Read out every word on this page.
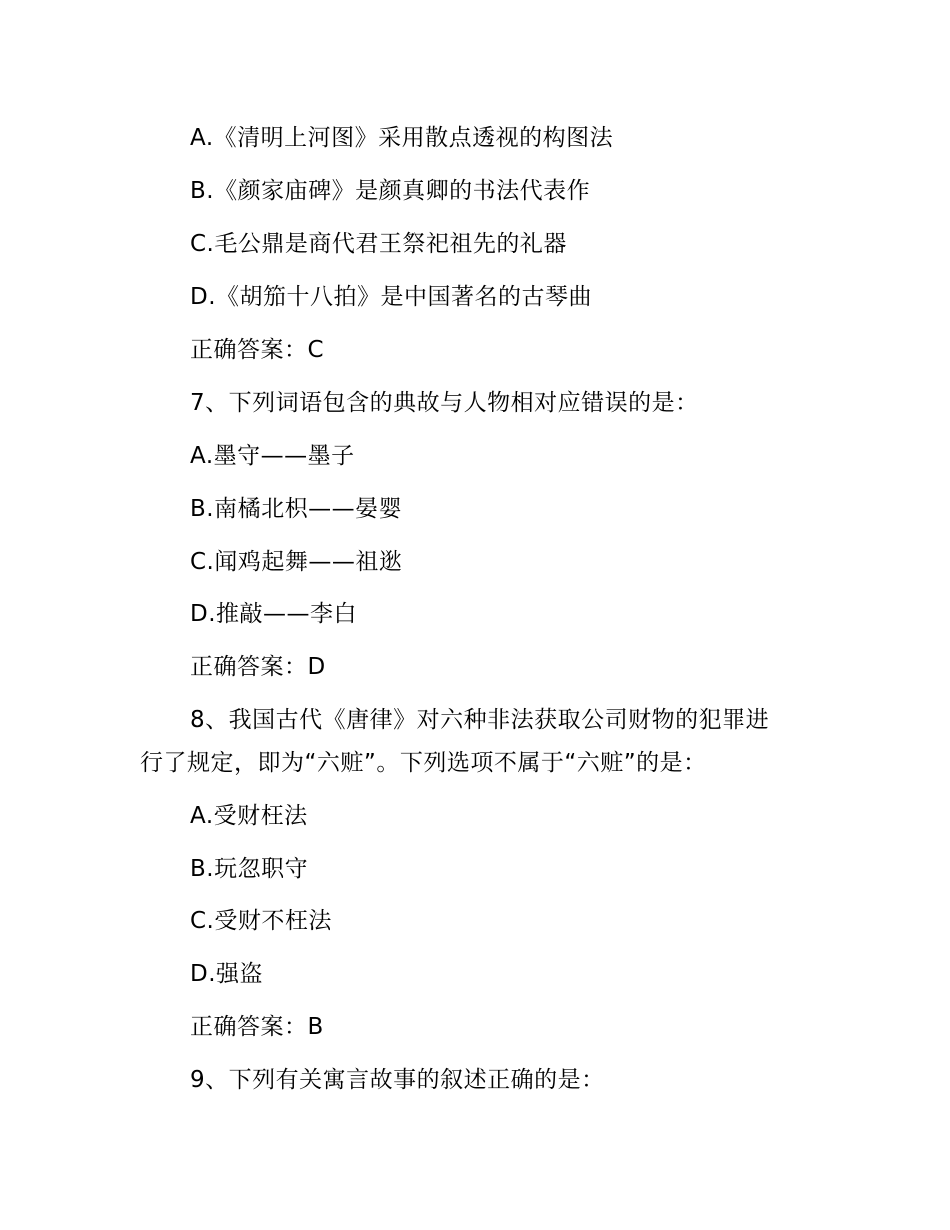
A.《清明上河图》采用散点透视的构图法
B.《颜家庙碑》是颜真卿的书法代表作
C.毛公鼎是商代君王祭祀祖先的礼器
D.《胡笳十八拍》是中国著名的古琴曲
正确答案：C
7、下列词语包含的典故与人物相对应错误的是：
A.墨守——墨子
B.南橘北枳——晏婴
C.闻鸡起舞——祖逖
D.推敲——李白
正确答案：D
8、我国古代《唐律》对六种非法获取公司财物的犯罪进
行了规定，即为“六赃”。下列选项不属于“六赃”的是：
A.受财枉法
B.玩忽职守
C.受财不枉法
D.强盗
正确答案：B
9、下列有关寓言故事的叙述正确的是：
